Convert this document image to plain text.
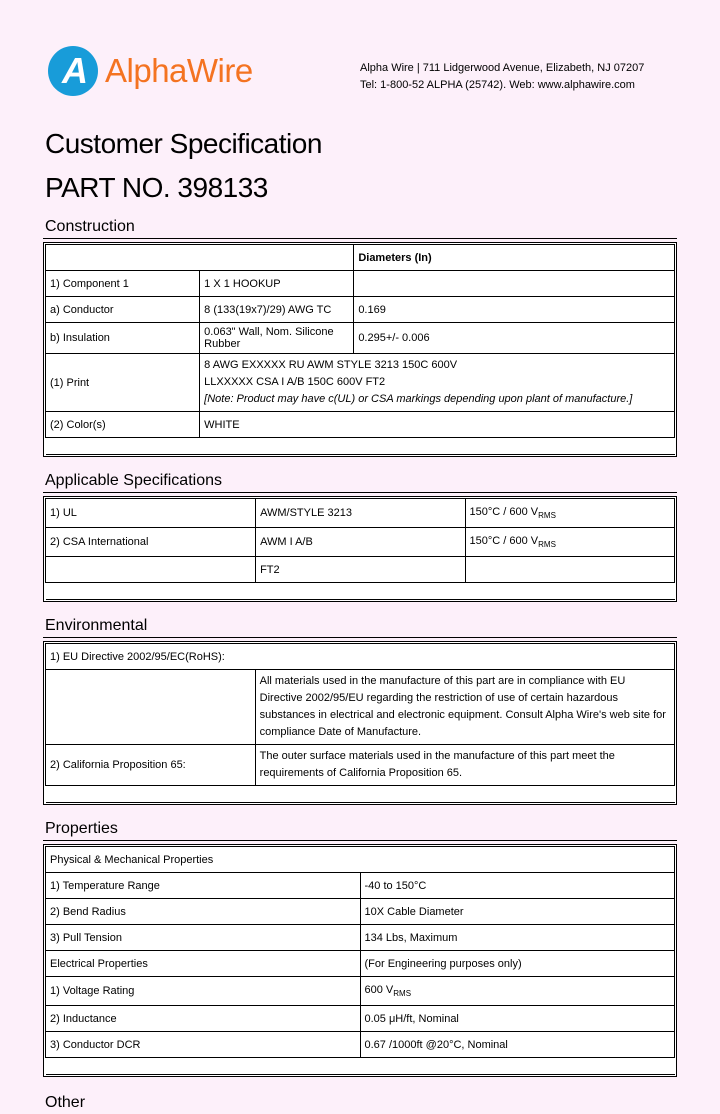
A AlphaWire	Alpha Wire | 711 Lidgerwood Avenue, Elizabeth, NJ 07207
Tel: 1-800-52 ALPHA (25742). Web: www.alphawire.com
Customer Specification
PART NO. 398133
Construction
		Diameters (In)
1) Component 1	1 X 1 HOOKUP	
a) Conductor	8 (133(19x7)/29) AWG TC	0.169
b) Insulation	0.063" Wall, Nom. Silicone Rubber	0.295+/- 0.006
(1) Print	8 AWG EXXXXX RU AWM STYLE 3213 150C 600V
LLXXXXX CSA I A/B 150C 600V FT2
[Note: Product may have c(UL) or CSA markings depending upon plant of manufacture.]	

(2) Color(s)	WHITE	

Applicable Specifications
1) UL	AWM/STYLE 3213	150°C / 600 $V_{RMS}$
2) CSA International	AWM I A/B	150°C / 600 $V_{RMS}$
	FT2	

Environmental
1) EU Directive 2002/95/EC(RoHS):	
	All materials used in the manufacture of this part are in compliance with EU Directive 2002/95/EU regarding the restriction of use of certain hazardous substances in electrical and electronic equipment. Consult Alpha Wire's web site for compliance Date of Manufacture.
2) California Proposition 65:	The outer surface materials used in the manufacture of this part meet the requirements of California Proposition 65.

Properties
Physical & Mechanical Properties	
1) Temperature Range	-40 to 150°C
2) Bend Radius	10X Cable Diameter
3) Pull Tension	134 Lbs, Maximum
Electrical Properties	(For Engineering purposes only)
1) Voltage Rating	600 $V_{RMS}$
2) Inductance	0.05 μH/ft, Nominal
3) Conductor DCR	0.67 /1000ft @20°C, Nominal

Other
